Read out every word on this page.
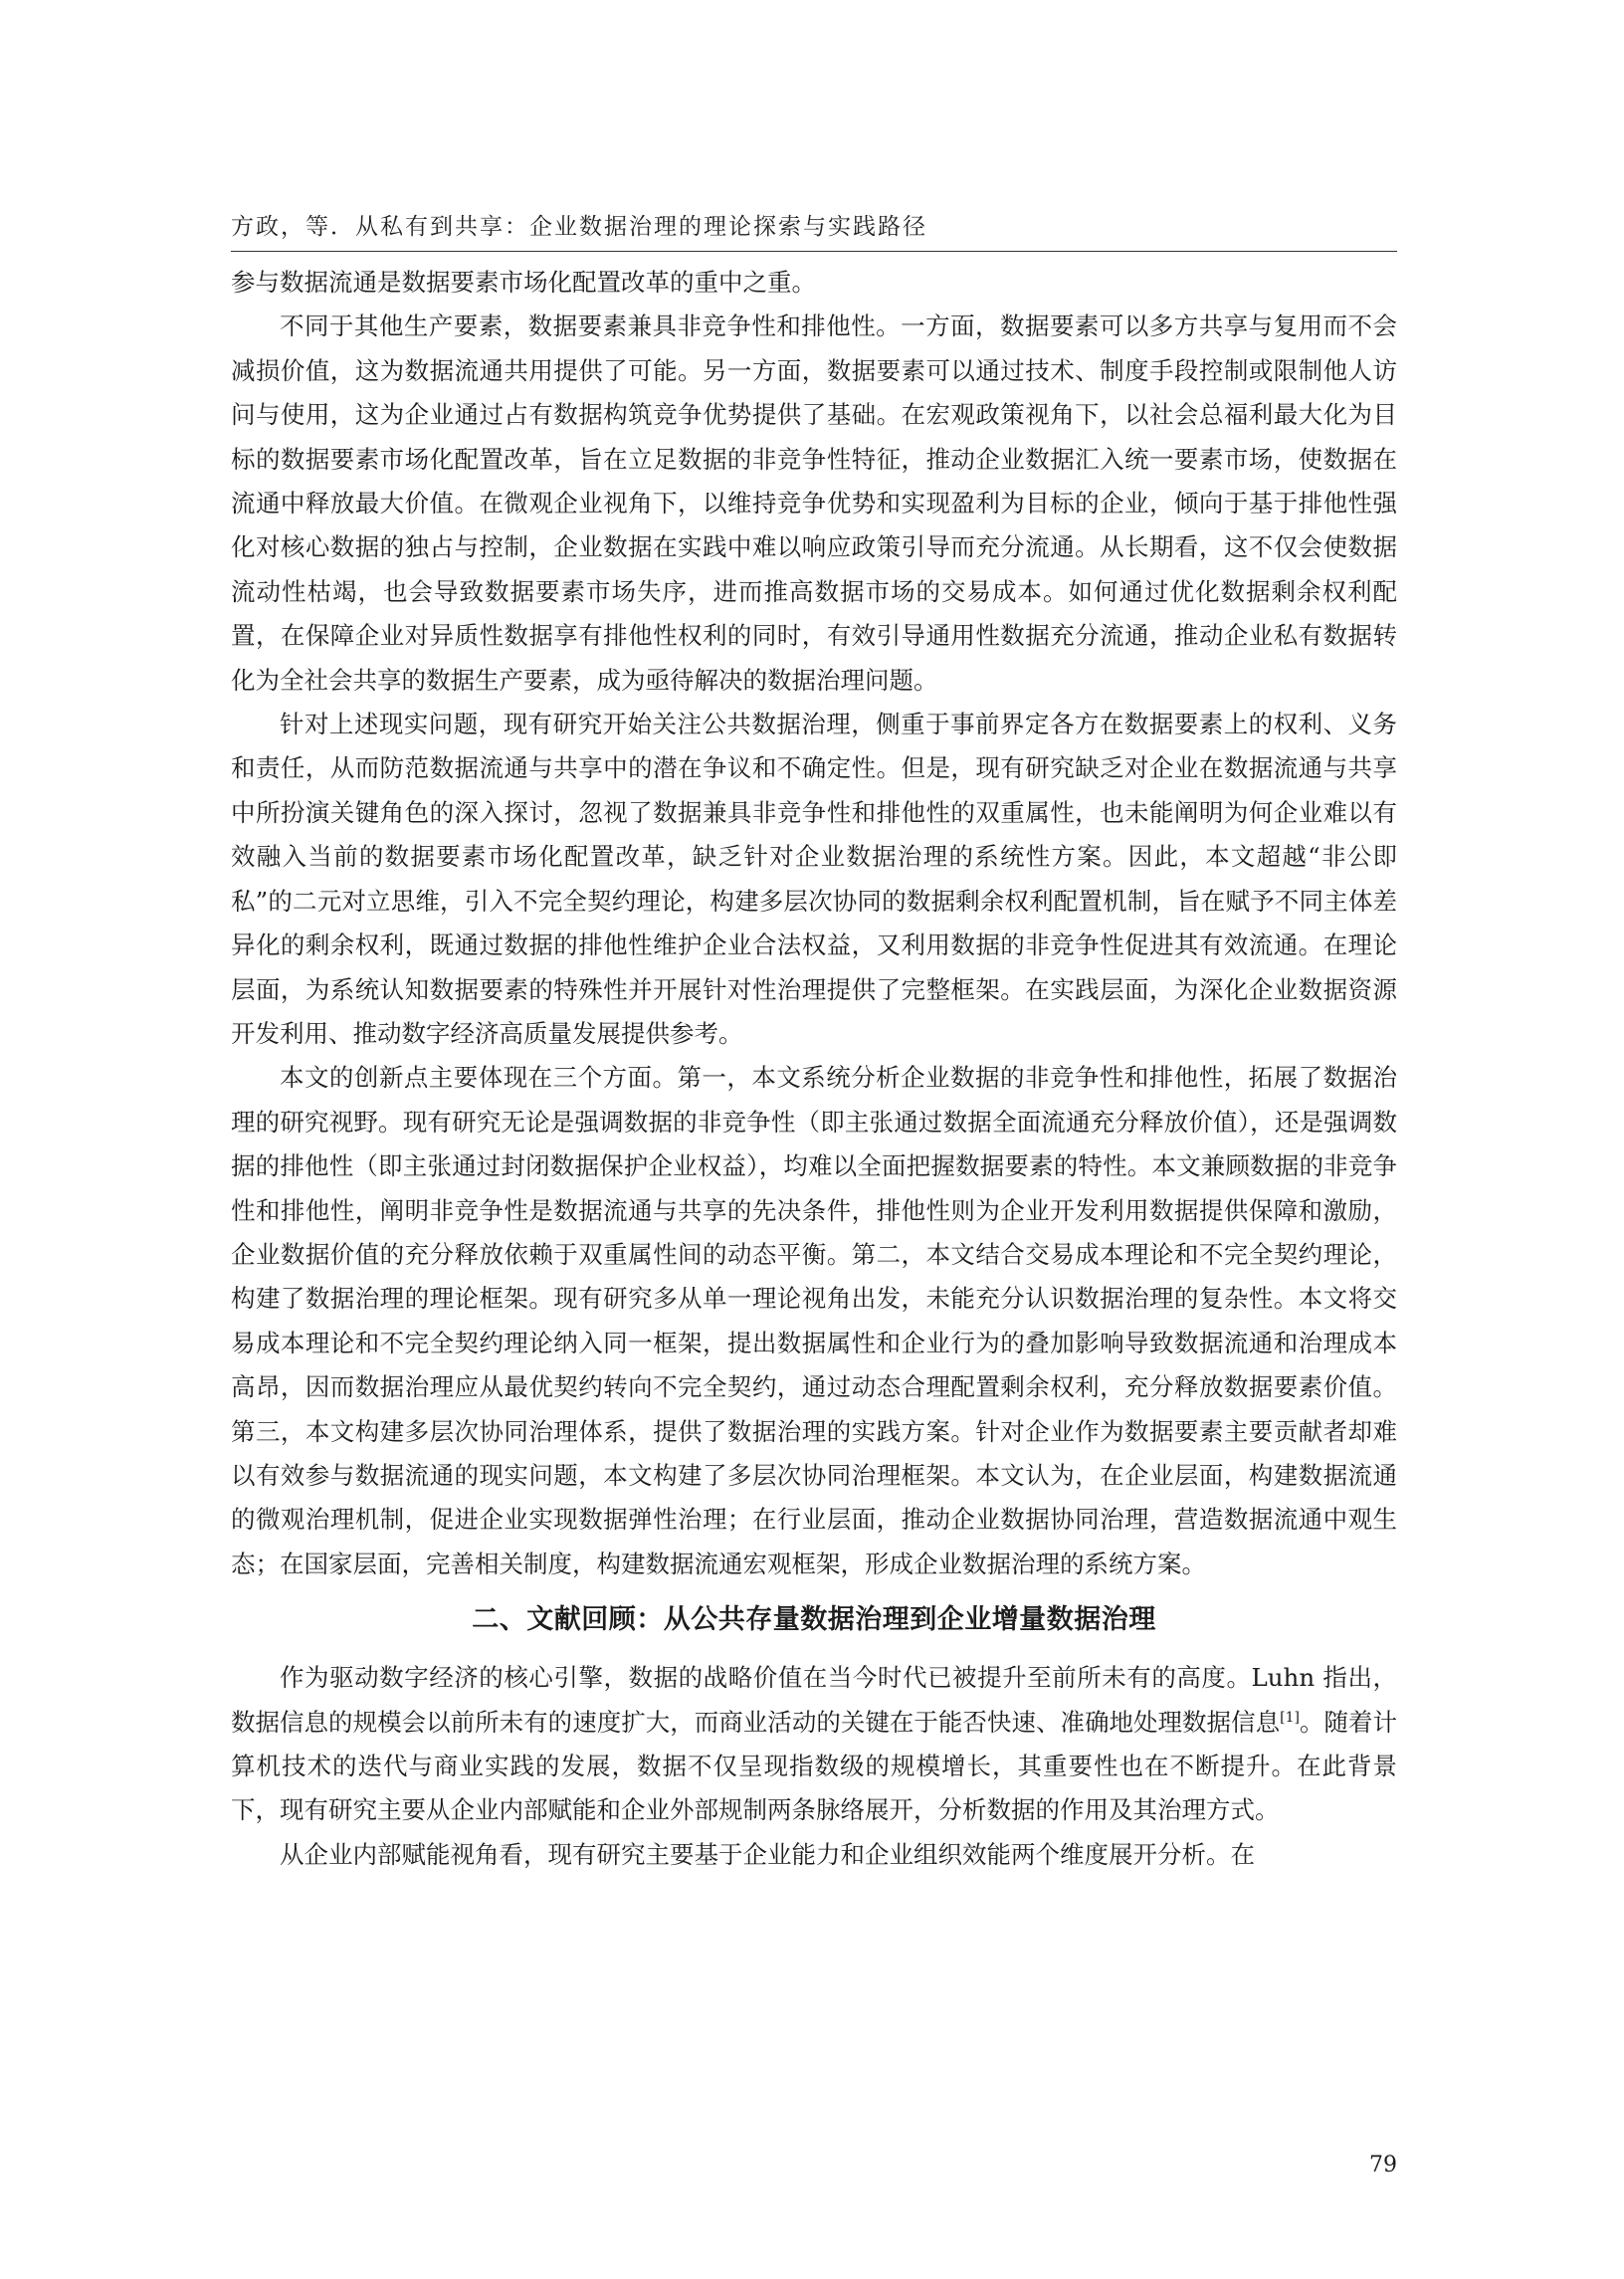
方政，等．从私有到共享：企业数据治理的理论探索与实践路径

参与数据流通是数据要素市场化配置改革的重中之重。

不同于其他生产要素，数据要素兼具非竞争性和排他性。一方面，数据要素可以多方共享与复用而不会减损价值，这为数据流通共用提供了可能。另一方面，数据要素可以通过技术、制度手段控制或限制他人访问与使用，这为企业通过占有数据构筑竞争优势提供了基础。在宏观政策视角下，以社会总福利最大化为目标的数据要素市场化配置改革，旨在立足数据的非竞争性特征，推动企业数据汇入统一要素市场，使数据在流通中释放最大价值。在微观企业视角下，以维持竞争优势和实现盈利为目标的企业，倾向于基于排他性强化对核心数据的独占与控制，企业数据在实践中难以响应政策引导而充分流通。从长期看，这不仅会使数据流动性枯竭，也会导致数据要素市场失序，进而推高数据市场的交易成本。如何通过优化数据剩余权利配置，在保障企业对异质性数据享有排他性权利的同时，有效引导通用性数据充分流通，推动企业私有数据转化为全社会共享的数据生产要素，成为亟待解决的数据治理问题。

针对上述现实问题，现有研究开始关注公共数据治理，侧重于事前界定各方在数据要素上的权利、义务和责任，从而防范数据流通与共享中的潜在争议和不确定性。但是，现有研究缺乏对企业在数据流通与共享中所扮演关键角色的深入探讨，忽视了数据兼具非竞争性和排他性的双重属性，也未能阐明为何企业难以有效融入当前的数据要素市场化配置改革，缺乏针对企业数据治理的系统性方案。因此，本文超越“非公即私”的二元对立思维，引入不完全契约理论，构建多层次协同的数据剩余权利配置机制，旨在赋予不同主体差异化的剩余权利，既通过数据的排他性维护企业合法权益，又利用数据的非竞争性促进其有效流通。在理论层面，为系统认知数据要素的特殊性并开展针对性治理提供了完整框架。在实践层面，为深化企业数据资源开发利用、推动数字经济高质量发展提供参考。

本文的创新点主要体现在三个方面。第一，本文系统分析企业数据的非竞争性和排他性，拓展了数据治理的研究视野。现有研究无论是强调数据的非竞争性（即主张通过数据全面流通充分释放价值），还是强调数据的排他性（即主张通过封闭数据保护企业权益），均难以全面把握数据要素的特性。本文兼顾数据的非竞争性和排他性，阐明非竞争性是数据流通与共享的先决条件，排他性则为企业开发利用数据提供保障和激励，企业数据价值的充分释放依赖于双重属性间的动态平衡。第二，本文结合交易成本理论和不完全契约理论，构建了数据治理的理论框架。现有研究多从单一理论视角出发，未能充分认识数据治理的复杂性。本文将交易成本理论和不完全契约理论纳入同一框架，提出数据属性和企业行为的叠加影响导致数据流通和治理成本高昂，因而数据治理应从最优契约转向不完全契约，通过动态合理配置剩余权利，充分释放数据要素价值。第三，本文构建多层次协同治理体系，提供了数据治理的实践方案。针对企业作为数据要素主要贡献者却难以有效参与数据流通的现实问题，本文构建了多层次协同治理框架。本文认为，在企业层面，构建数据流通的微观治理机制，促进企业实现数据弹性治理；在行业层面，推动企业数据协同治理，营造数据流通中观生态；在国家层面，完善相关制度，构建数据流通宏观框架，形成企业数据治理的系统方案。

二、文献回顾：从公共存量数据治理到企业增量数据治理

作为驱动数字经济的核心引擎，数据的战略价值在当今时代已被提升至前所未有的高度。Luhn 指出，数据信息的规模会以前所未有的速度扩大，而商业活动的关键在于能否快速、准确地处理数据信息[1]。随着计算机技术的迭代与商业实践的发展，数据不仅呈现指数级的规模增长，其重要性也在不断提升。在此背景下，现有研究主要从企业内部赋能和企业外部规制两条脉络展开，分析数据的作用及其治理方式。

从企业内部赋能视角看，现有研究主要基于企业能力和企业组织效能两个维度展开分析。在

79
